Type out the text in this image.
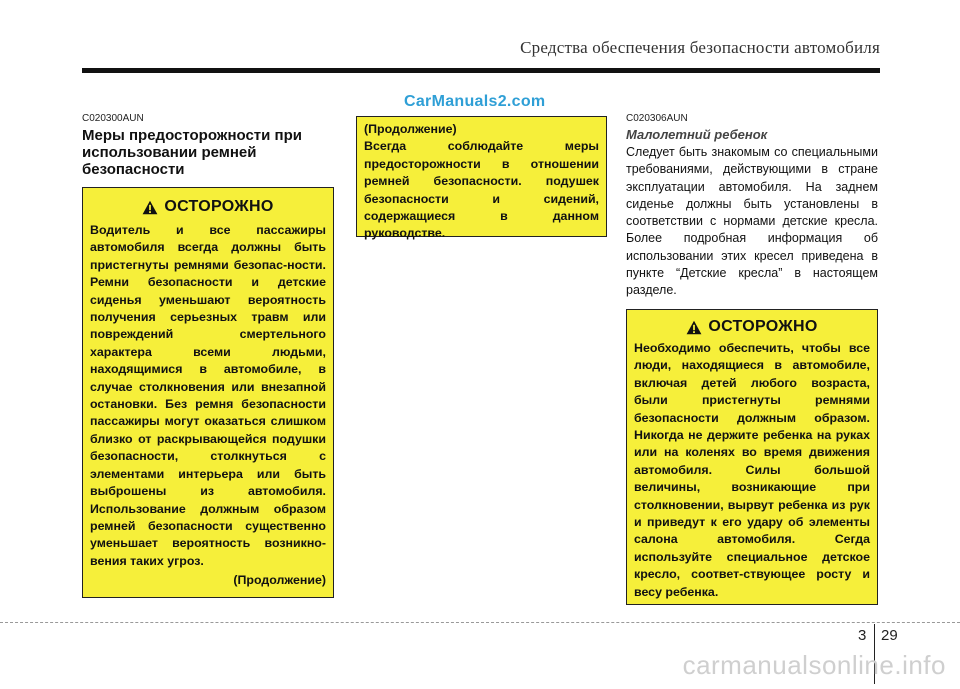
Средства обеспечения безопасности автомобиля
CarManuals2.com
C020300AUN
Меры предосторожности при использовании ремней безопасности
ОСТОРОЖНО
Водитель и все пассажиры автомобиля всегда должны быть пристегнуты ремнями безопас-ности. Ремни безопасности и детские сиденья уменьшают вероятность получения серьезных травм или повреждений смертельного характера всеми людьми, находящимися в автомобиле, в случае столкновения или внезапной остановки. Без ремня безопасности пассажиры могут оказаться слишком близко от раскрывающейся подушки безопасности, столкнуться с элементами интерьера или быть выброшены из автомобиля. Использование должным образом ремней безопасности существенно уменьшает вероятность возникно-вения таких угроз.
(Продолжение)
(Продолжение)
Всегда соблюдайте меры предосторожности в отношении ремней безопасности. подушек безопасности и сидений, содержащиеся в данном руководстве.
C020306AUN
Малолетний ребенок
Следует быть знакомым со специальными требованиями, действующими в стране эксплуатации автомобиля. На заднем сиденье должны быть установлены в соответствии с нормами детские кресла. Более подробная информация об использовании этих кресел приведена в пункте “Детские кресла” в настоящем разделе.
ОСТОРОЖНО
Необходимо обеспечить, чтобы все люди, находящиеся в автомобиле, включая детей любого возраста, были пристегнуты ремнями безопасности должным образом. Никогда не держите ребенка на руках или на коленях во время движения автомобиля. Силы большой величины, возникающие при столкновении, вырвут ребенка из рук и приведут к его удару об элементы салона автомобиля. Сегда используйте специальное детское кресло, соответ-ствующее росту и весу ребенка.
3 29
carmanualsonline.info
